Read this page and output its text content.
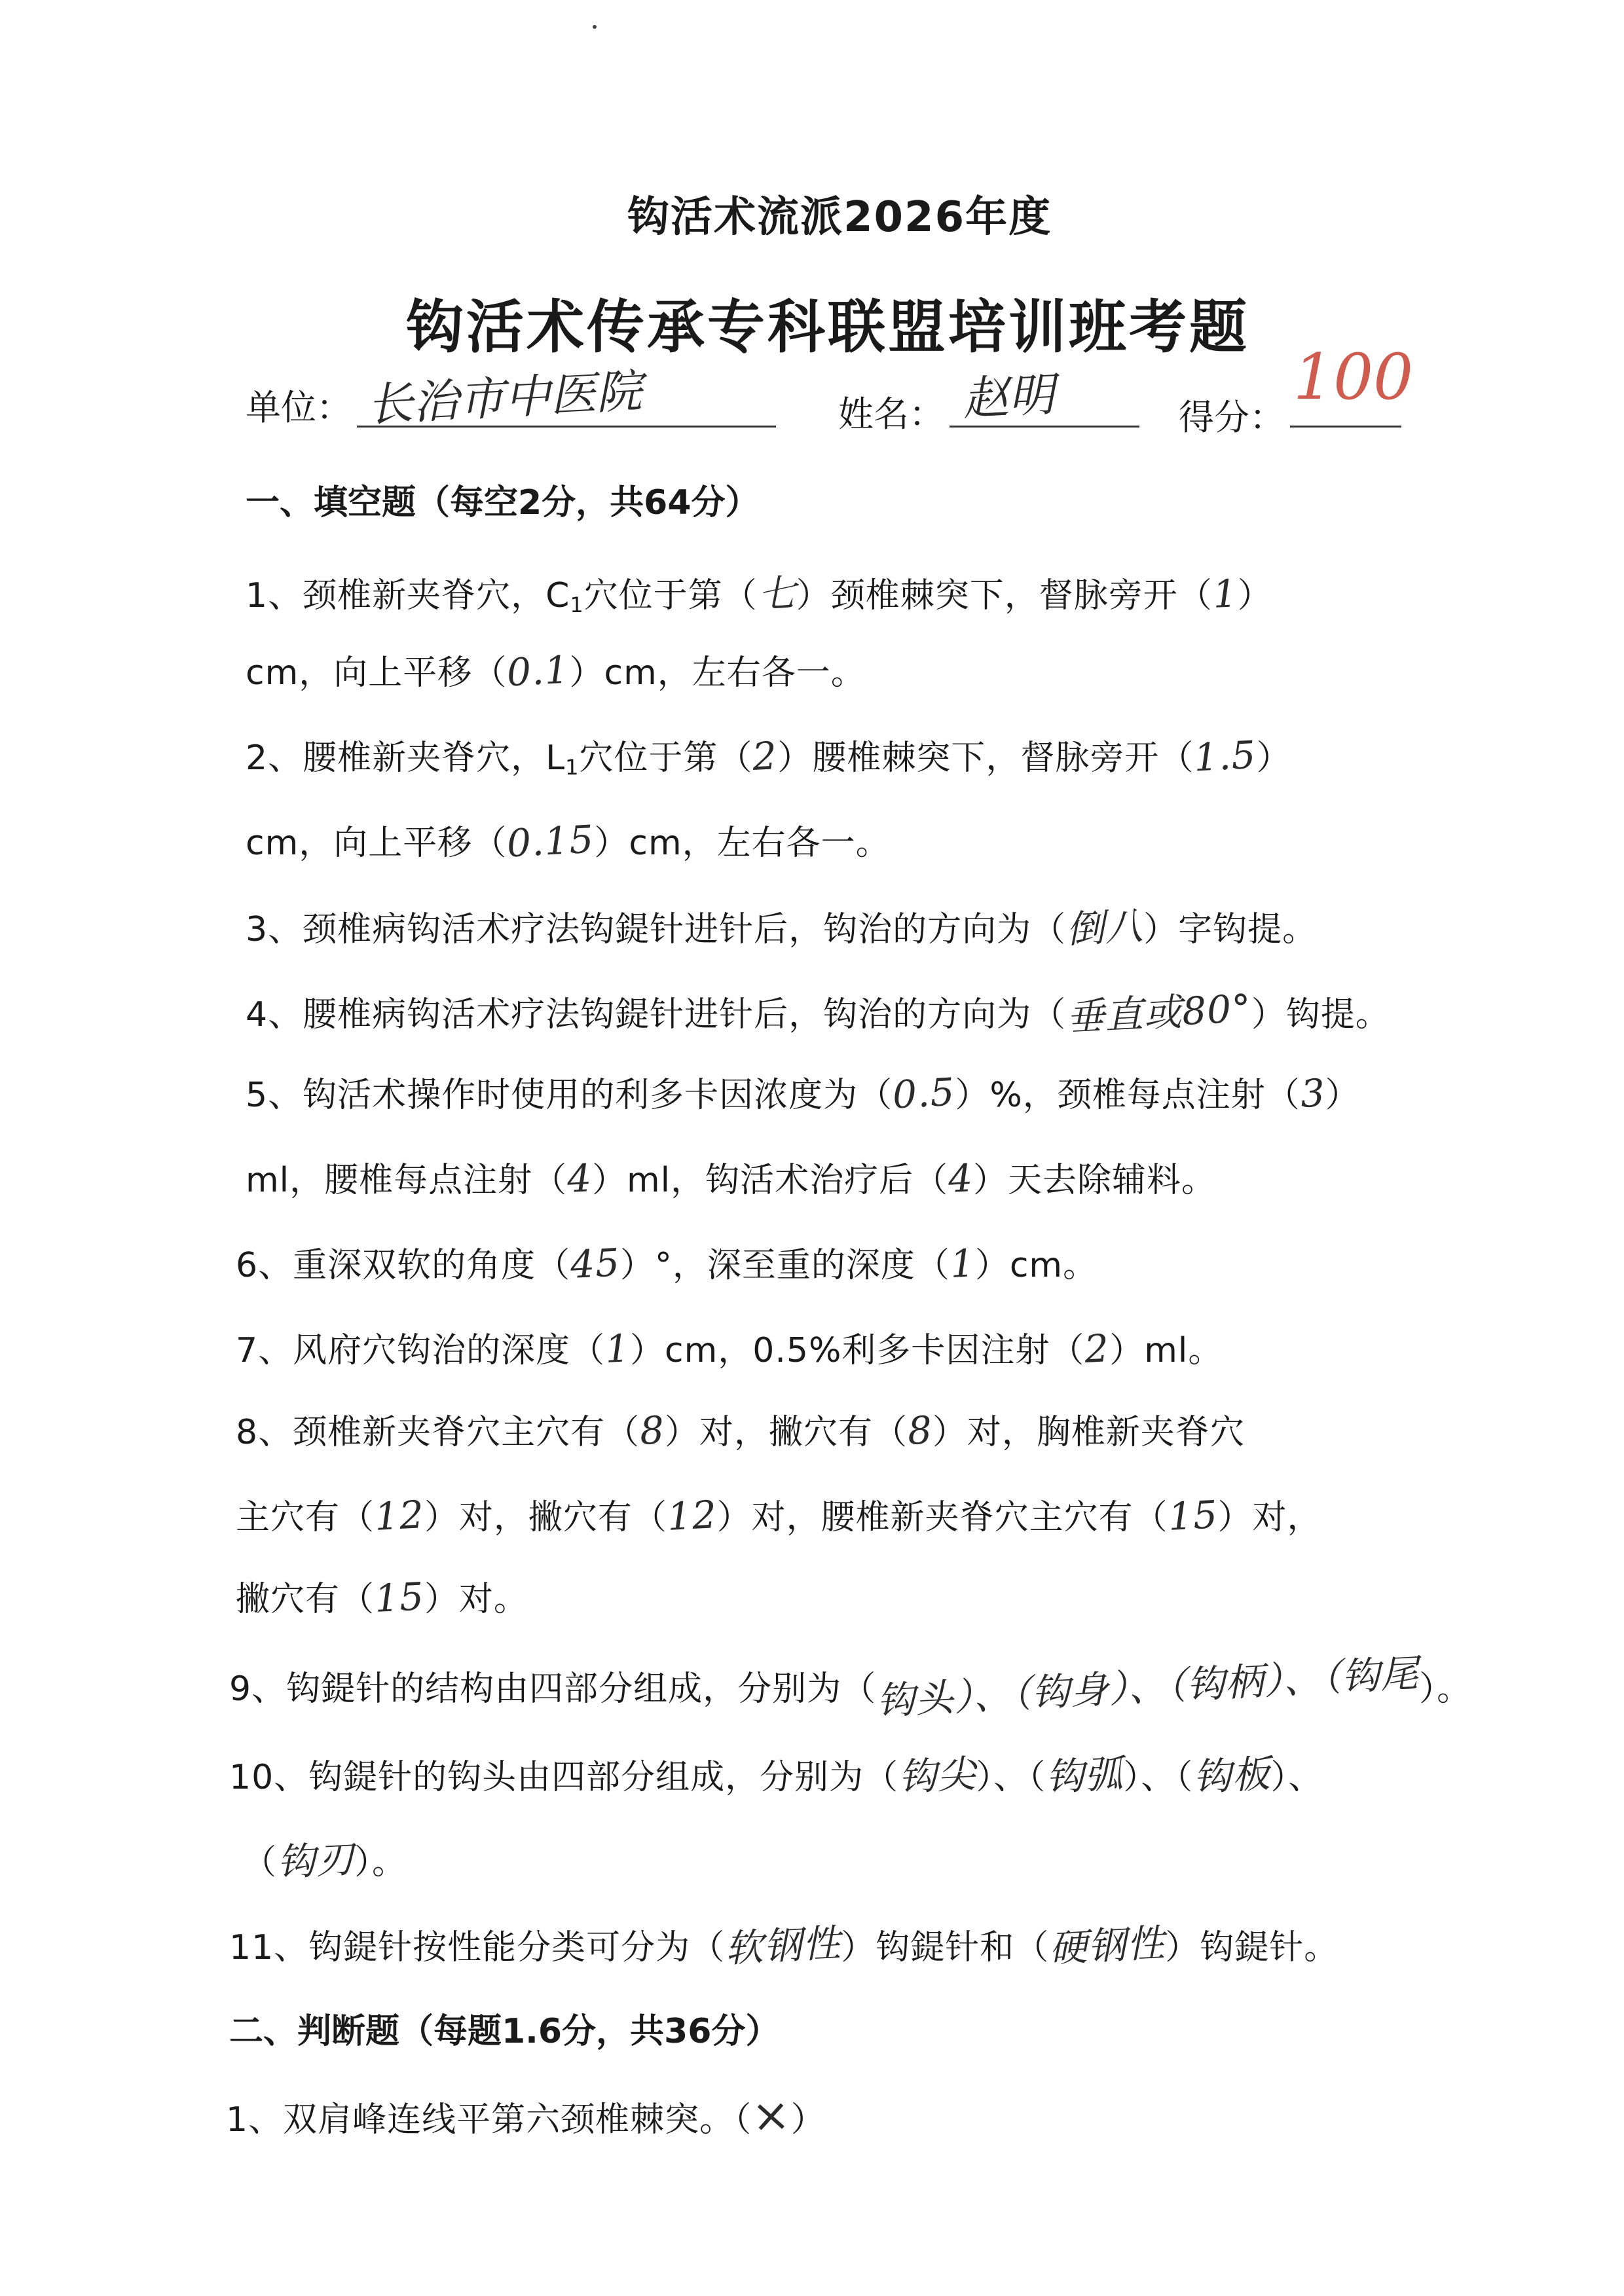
钩活术流派2026年度
钩活术传承专科联盟培训班考题
单位： 长治市中医院	姓名： 赵明	得分：
100
一、填空题（每空2分，共64分）
1、颈椎新夹脊穴，$C_1$穴位于第（七）颈椎棘突下，督脉旁开（1）
cm，向上平移（0.1）cm，左右各一。
2、腰椎新夹脊穴，$L_1$穴位于第（2）腰椎棘突下，督脉旁开（1.5）
cm，向上平移（0.15）cm，左右各一。
3、颈椎病钩活术疗法钩鍉针进针后，钩治的方向为（倒八）字钩提。
4、腰椎病钩活术疗法钩鍉针进针后，钩治的方向为（垂直或80°）钩提。
5、钩活术操作时使用的利多卡因浓度为（0.5）%，颈椎每点注射（3）
ml，腰椎每点注射（4）ml，钩活术治疗后（4）天去除辅料。
6、重深双软的角度（45）°，深至重的深度（1）cm。
7、风府穴钩治的深度（1）cm，0.5%利多卡因注射（2）ml。
8、颈椎新夹脊穴主穴有（8）对，撇穴有（8）对，胸椎新夹脊穴
主穴有（12）对，撇穴有（12）对，腰椎新夹脊穴主穴有（15）对，
撇穴有（15）对。
9、钩鍉针的结构由四部分组成，分别为（钩头）、（钩身）、（钩柄）、（钩尾）。
10、钩鍉针的钩头由四部分组成，分别为（钩尖）、（钩弧）、（钩板）、
（钩刃）。
11、钩鍉针按性能分类可分为（软钢性）钩鍉针和（硬钢性）钩鍉针。
二、判断题（每题1.6分，共36分）
1、双肩峰连线平第六颈椎棘突。（×）
